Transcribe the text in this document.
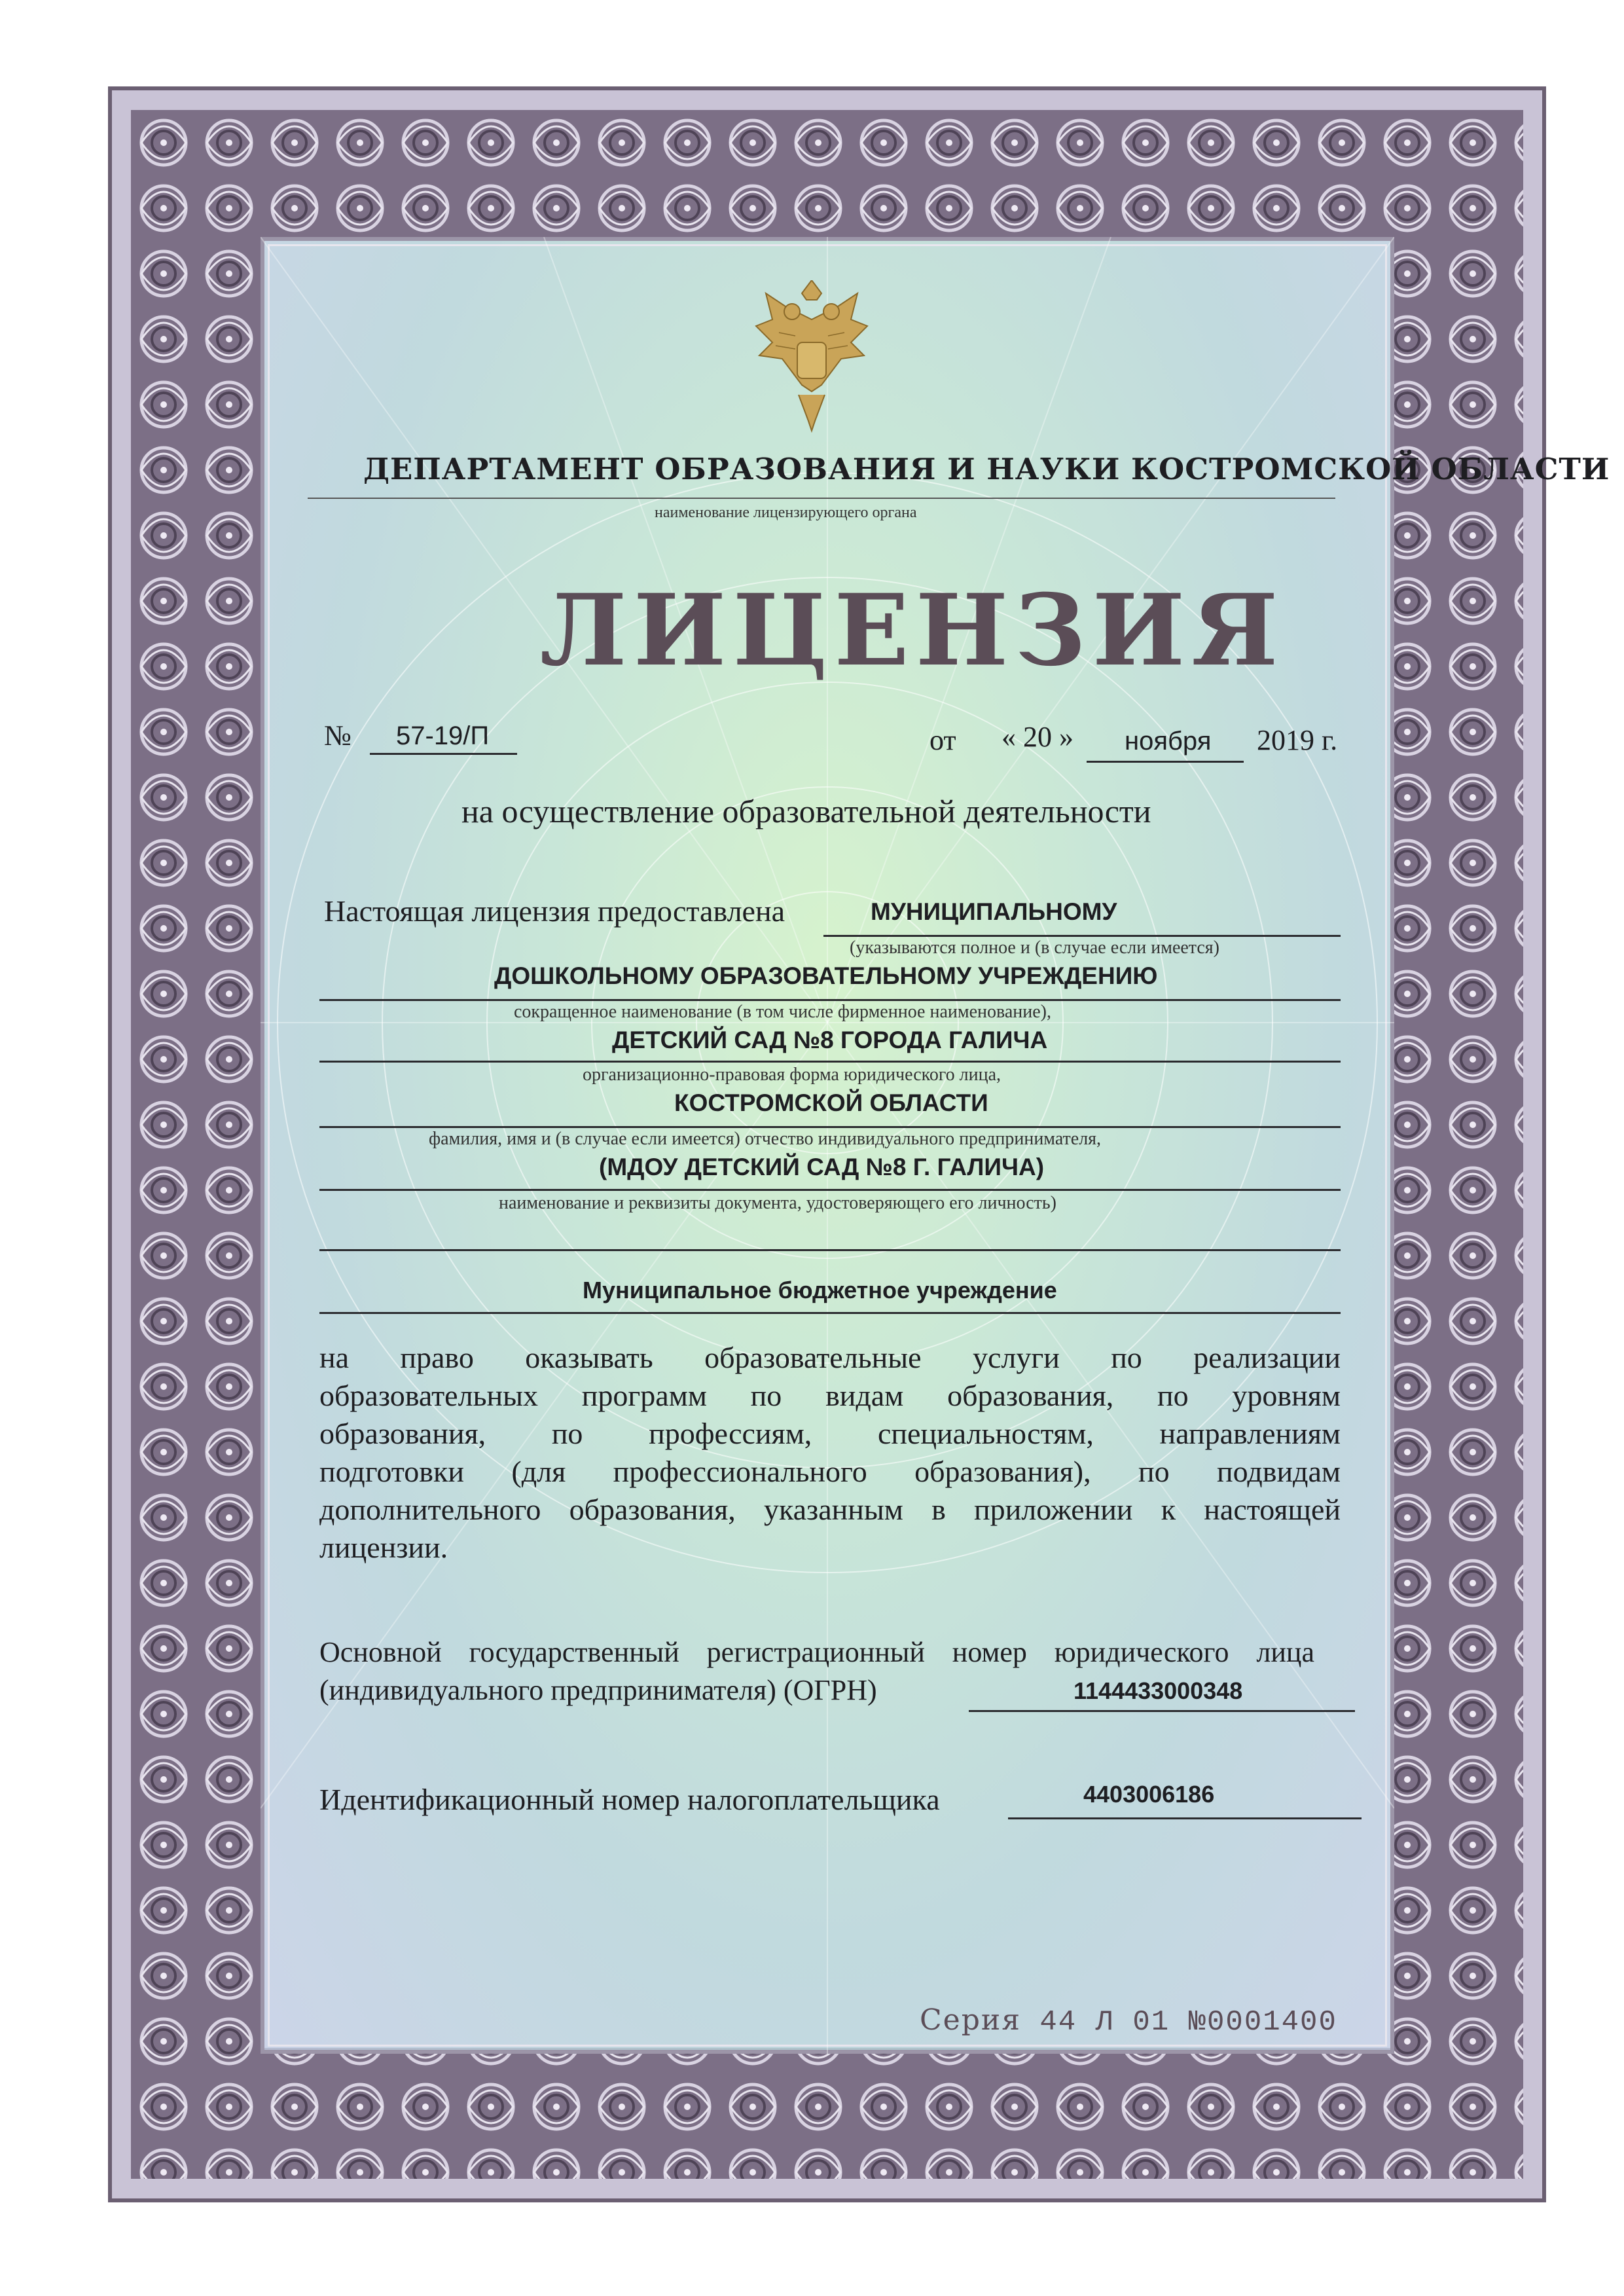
ДЕПАРТАМЕНТ ОБРАЗОВАНИЯ И НАУКИ КОСТРОМСКОЙ ОБЛАСТИ
наименование лицензирующего органа
ЛИЦЕНЗИЯ
№ 57-19/П	от « 20 » ноября 2019 г.
на осуществление образовательной деятельности
Настоящая лицензия предоставлена	МУНИЦИПАЛЬНОМУ
(указываются полное и (в случае если имеется)
ДОШКОЛЬНОМУ ОБРАЗОВАТЕЛЬНОМУ УЧРЕЖДЕНИЮ
сокращенное наименование (в том числе фирменное наименование),
ДЕТСКИЙ САД №8 ГОРОДА ГАЛИЧА
организационно-правовая форма юридического лица,
КОСТРОМСКОЙ ОБЛАСТИ
фамилия, имя и (в случае если имеется) отчество индивидуального предпринимателя,
(МДОУ ДЕТСКИЙ САД №8 Г. ГАЛИЧА)
наименование и реквизиты документа, удостоверяющего его личность)
Муниципальное бюджетное учреждение
на право оказывать образовательные услуги по реализации
образовательных программ по видам образования, по уровням
образования, по профессиям, специальностям, направлениям
подготовки (для профессионального образования), по подвидам
дополнительного образования, указанным в приложении к настоящей
лицензии.
Основной государственный регистрационный номер юридического лица
(индивидуального предпринимателя) (ОГРН)	1144433000348
Идентификационный номер налогоплательщика	4403006186
Серия 44 Л 01 №0001400
